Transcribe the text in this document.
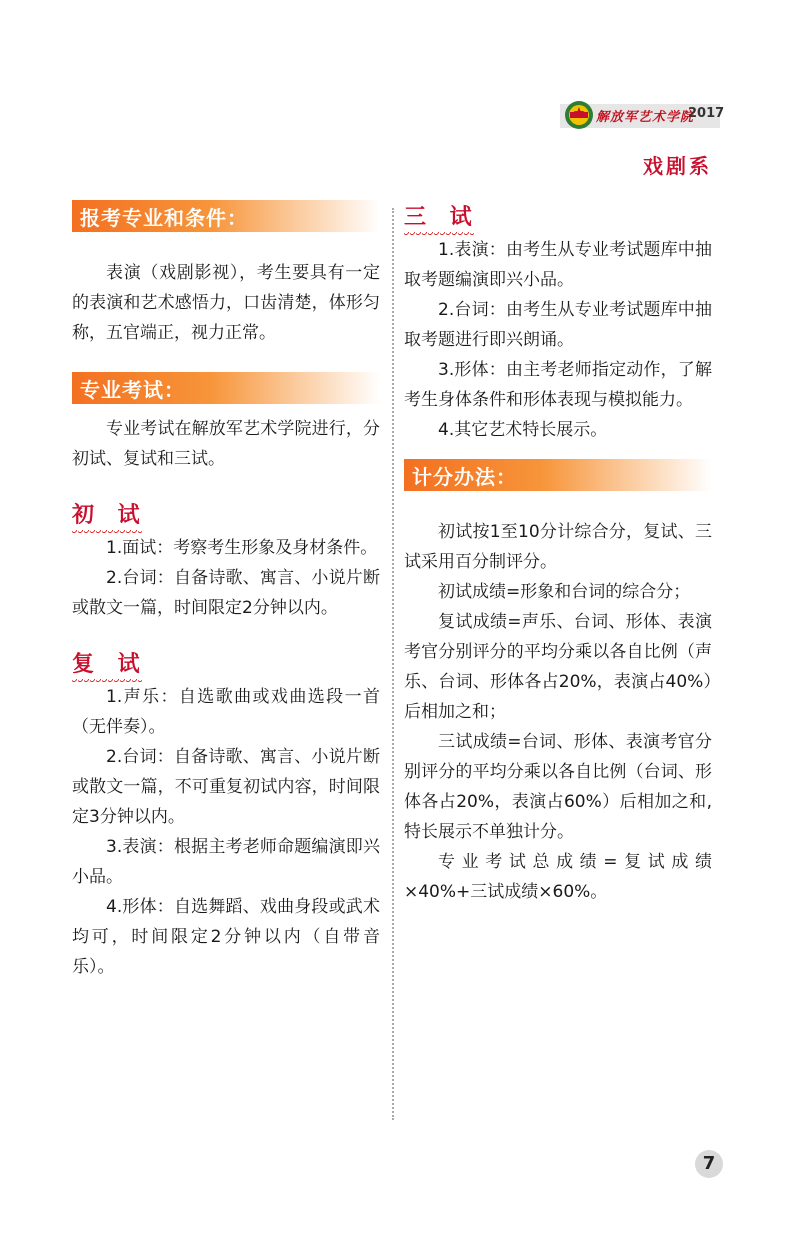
解放军艺术学院
2017
戏剧系
报考专业和条件：

表演（戏剧影视），考生要具有一定的表演和艺术感悟力，口齿清楚，体形匀称，五官端正，视力正常。

专业考试：

专业考试在解放军艺术学院进行，分初试、复试和三试。

初 试

1.面试：考察考生形象及身材条件。

2.台词：自备诗歌、寓言、小说片断或散文一篇，时间限定2分钟以内。

复 试

1.声乐：自选歌曲或戏曲选段一首（无伴奏）。

2.台词：自备诗歌、寓言、小说片断或散文一篇，不可重复初试内容，时间限定3分钟以内。

3.表演：根据主考老师命题编演即兴小品。

4.形体：自选舞蹈、戏曲身段或武术均可，时间限定2分钟以内（自带音乐）。

三 试

1.表演：由考生从专业考试题库中抽取考题编演即兴小品。

2.台词：由考生从专业考试题库中抽取考题进行即兴朗诵。

3.形体：由主考老师指定动作，了解考生身体条件和形体表现与模拟能力。

4.其它艺术特长展示。

计分办法：

初试按1至10分计综合分，复试、三试采用百分制评分。

初试成绩=形象和台词的综合分；

复试成绩=声乐、台词、形体、表演考官分别评分的平均分乘以各自比例（声乐、台词、形体各占20%，表演占40%）后相加之和；

三试成绩=台词、形体、表演考官分别评分的平均分乘以各自比例（台词、形体各占20%，表演占60%）后相加之和,特长展示不单独计分。

专业考试总成绩=复试成绩×40%+三试成绩×60%。

7
